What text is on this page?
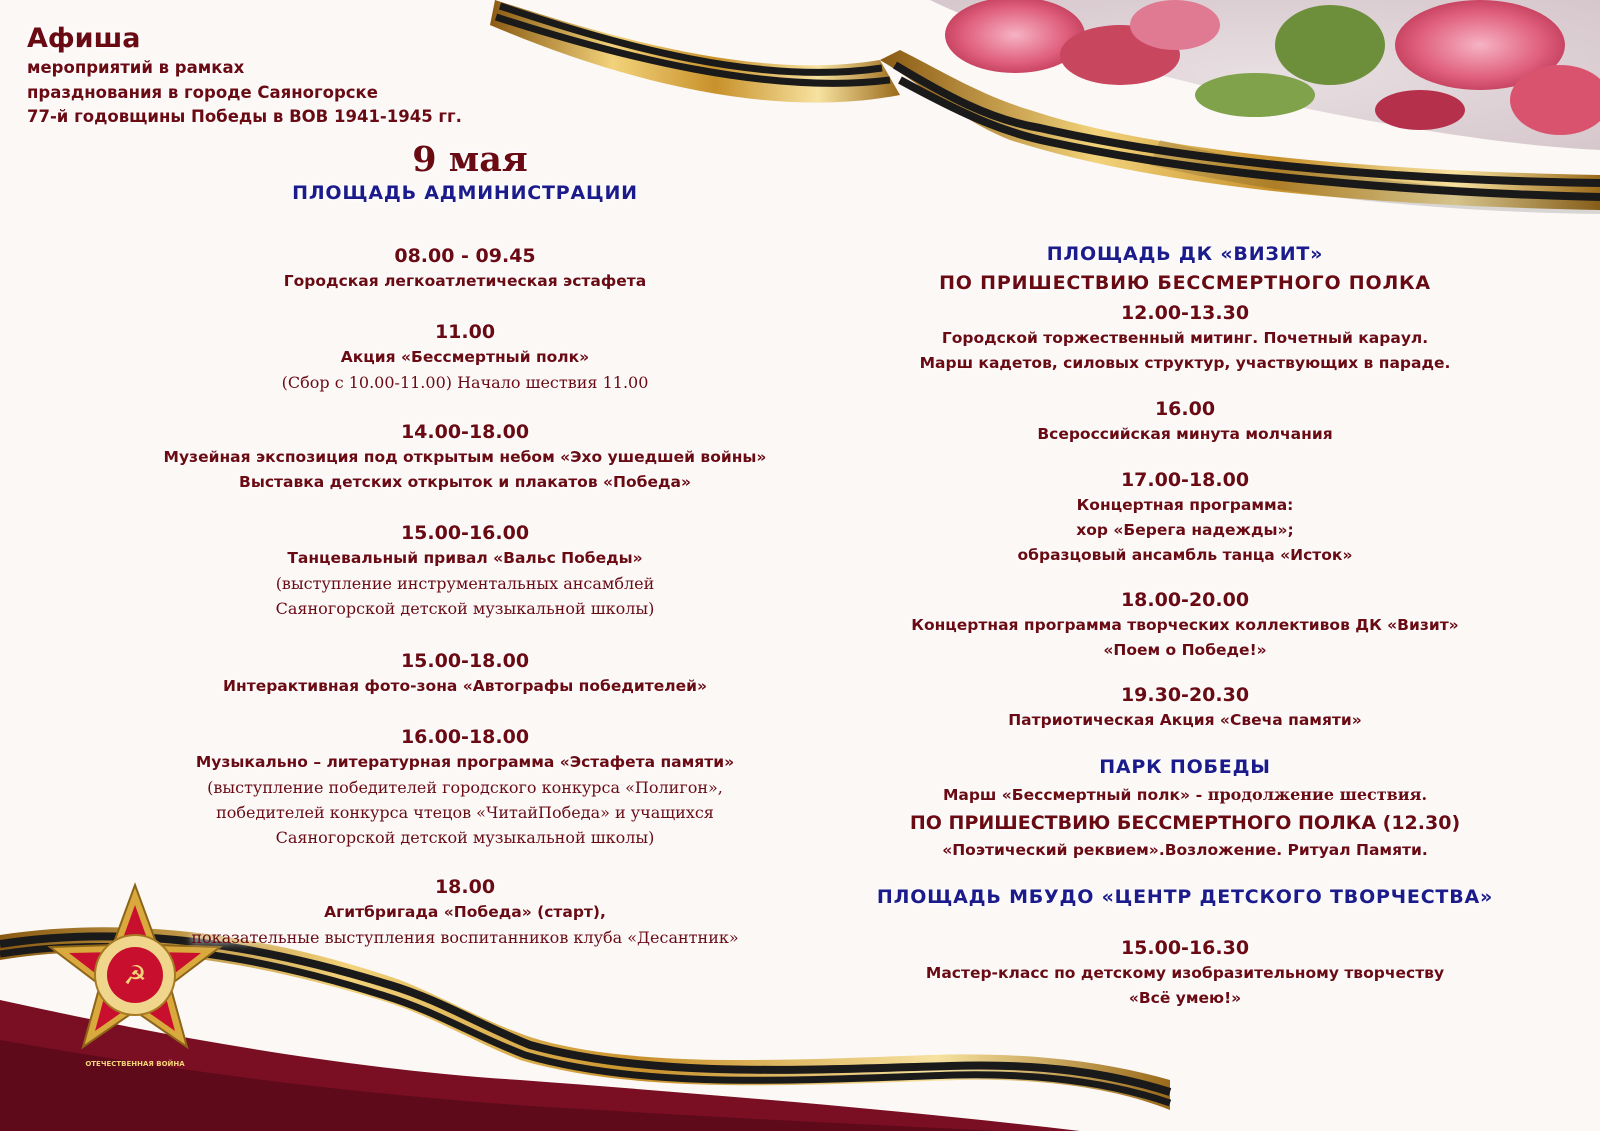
☭
Афиша
мероприятий в рамках
празднования в городе Саяногорске
77-й годовщины Победы в ВОВ 1941-1945 гг.
9 мая
ПЛОЩАДЬ АДМИНИСТРАЦИИ
08.00 - 09.45
Городская легкоатлетическая эстафета
11.00
Акция «Бессмертный полк»
(Сбор с 10.00-11.00) Начало шествия 11.00
14.00-18.00
Музейная экспозиция под открытым небом «Эхо ушедшей войны»
Выставка детских открыток и плакатов «Победа»
15.00-16.00
Танцевальный привал «Вальс Победы»
(выступление инструментальных ансамблей
Саяногорской детской музыкальной школы)
15.00-18.00
Интерактивная фото-зона «Автографы победителей»
16.00-18.00
Музыкально – литературная программа «Эстафета памяти»
(выступление победителей городского конкурса «Полигон»,
победителей конкурса чтецов «ЧитайПобеда» и учащихся
Саяногорской детской музыкальной школы)
18.00
Агитбригада «Победа» (старт),
показательные выступления воспитанников клуба «Десантник»
ПЛОЩАДЬ ДК «ВИЗИТ»
ПО ПРИШЕСТВИЮ БЕССМЕРТНОГО ПОЛКА
12.00-13.30
Городской торжественный митинг. Почетный караул.
Марш кадетов, силовых структур, участвующих в параде.
16.00
Всероссийская минута молчания
17.00-18.00
Концертная программа:
хор «Берега надежды»;
образцовый ансамбль танца «Исток»
18.00-20.00
Концертная программа творческих коллективов ДК «Визит»
«Поем о Победе!»
19.30-20.30
Патриотическая Акция «Свеча памяти»
ПАРК ПОБЕДЫ
Марш «Бессмертный полк» - продолжение шествия.
ПО ПРИШЕСТВИЮ БЕССМЕРТНОГО ПОЛКА (12.30)
«Поэтический реквием».Возложение. Ритуал Памяти.
ПЛОЩАДЬ МБУДО «ЦЕНТР ДЕТСКОГО ТВОРЧЕСТВА»
15.00-16.30
Мастер-класс по детскому изобразительному творчеству
«Всё умею!»
ОТЕЧЕСТВЕННАЯ ВОЙНА
